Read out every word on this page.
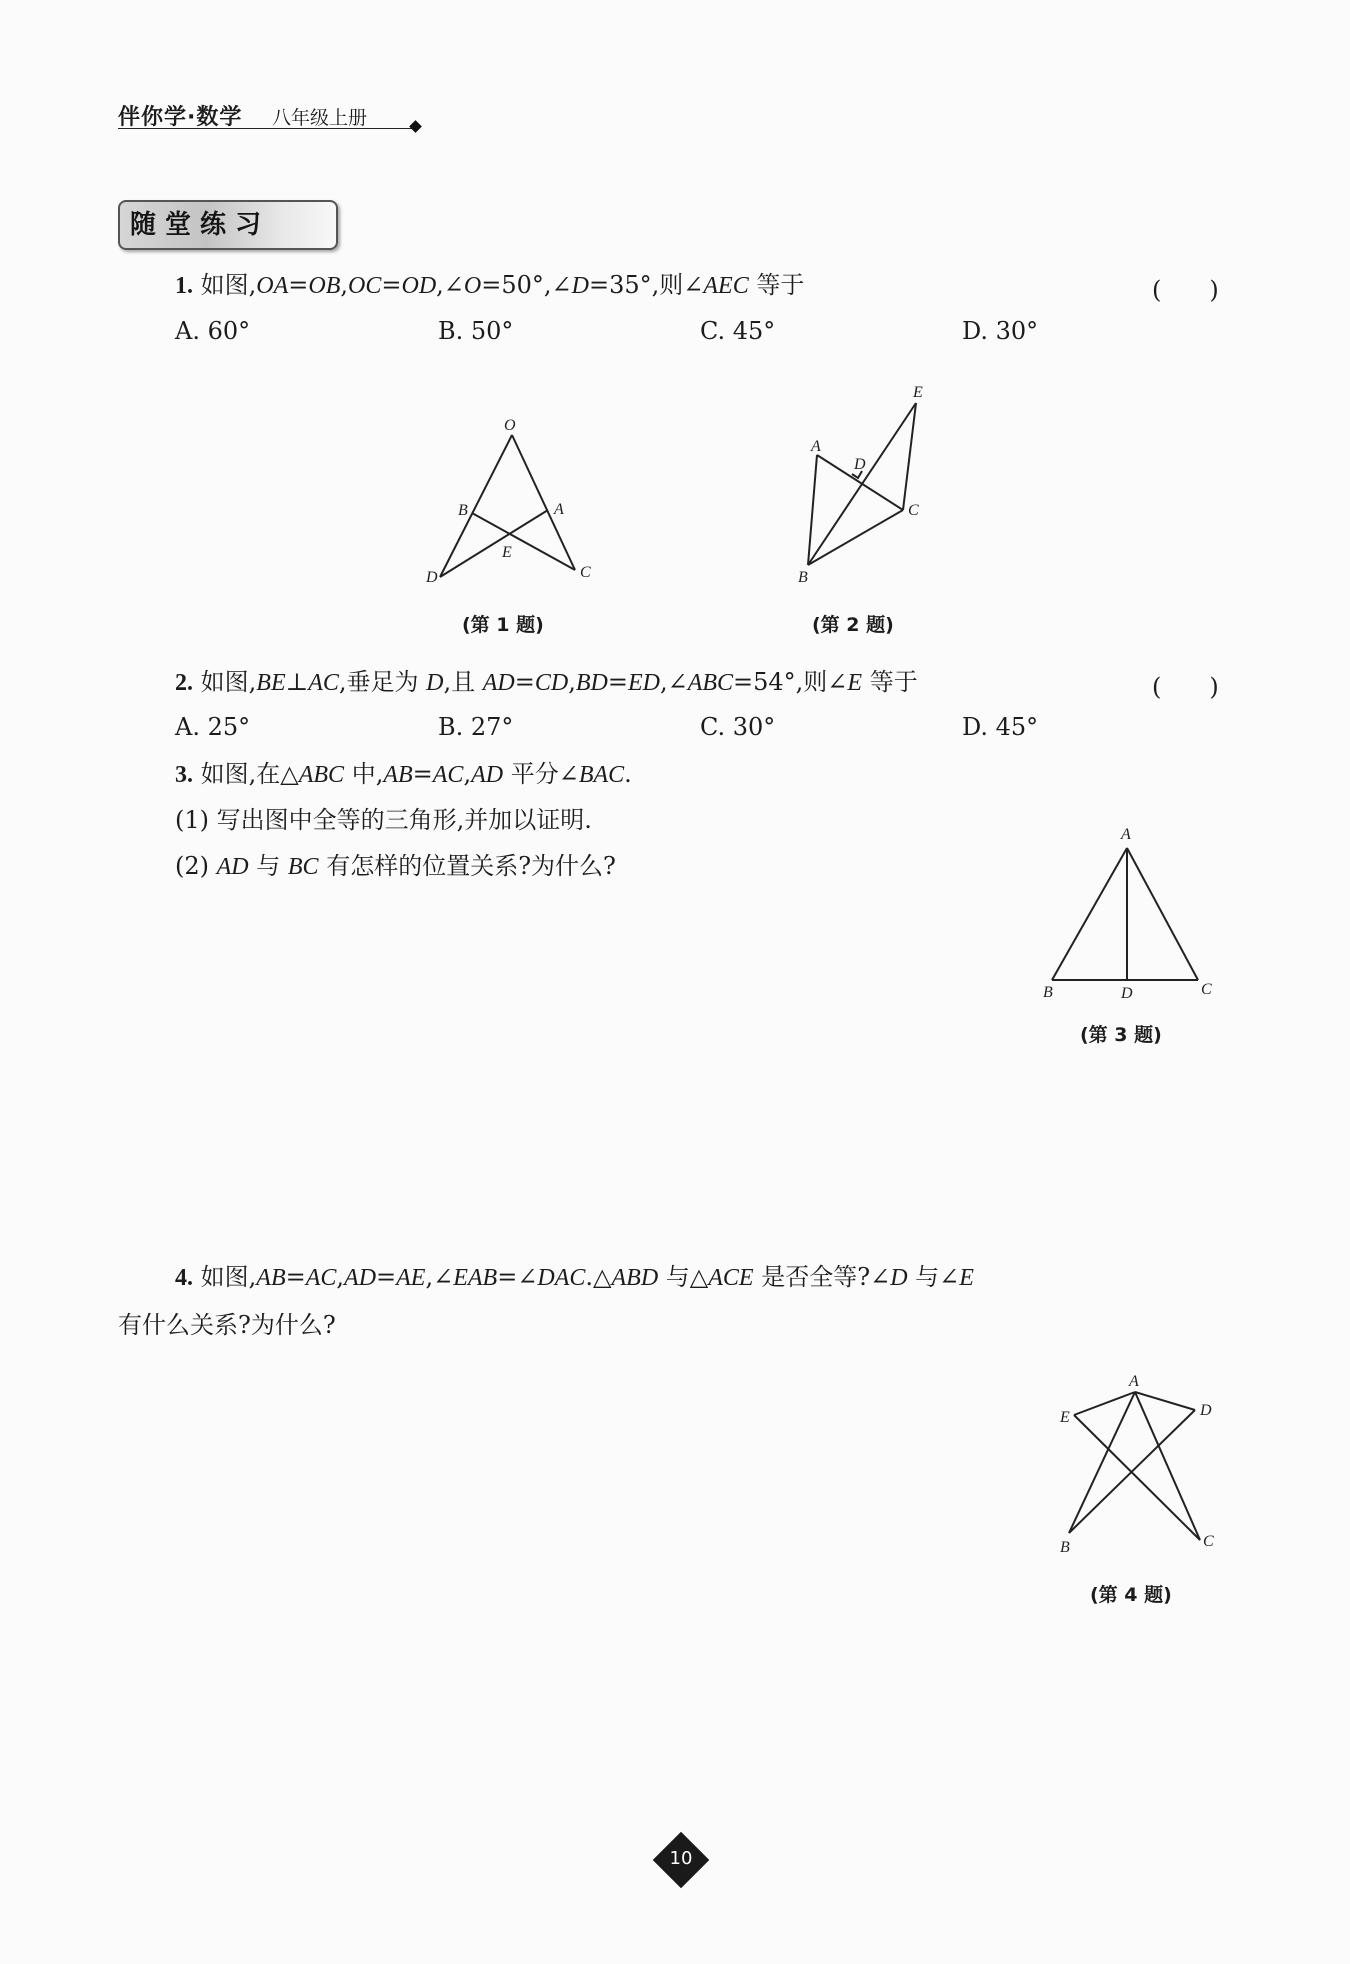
伴你学·数学 八年级上册
随堂练习
1. 如图,OA=OB,OC=OD,∠O=50°,∠D=35°,则∠AEC 等于	(　　)
A. 60°	B. 50°	C. 45°	D. 30°
O
B	A
E
D	C
(第 1 题)
E
A
D
C
B
(第 2 题)
2. 如图,BE⊥AC,垂足为 D,且 AD=CD,BD=ED,∠ABC=54°,则∠E 等于	(　　)
A. 25°	B. 27°	C. 30°	D. 45°
3. 如图,在△ABC 中,AB=AC,AD 平分∠BAC.
(1) 写出图中全等的三角形,并加以证明.
(2) AD 与 BC 有怎样的位置关系?为什么?
A
B	D	C
(第 3 题)
4. 如图,AB=AC,AD=AE,∠EAB=∠DAC.△ABD 与△ACE 是否全等?∠D 与∠E
有什么关系?为什么?
A
E	D
B	C
(第 4 题)
10
